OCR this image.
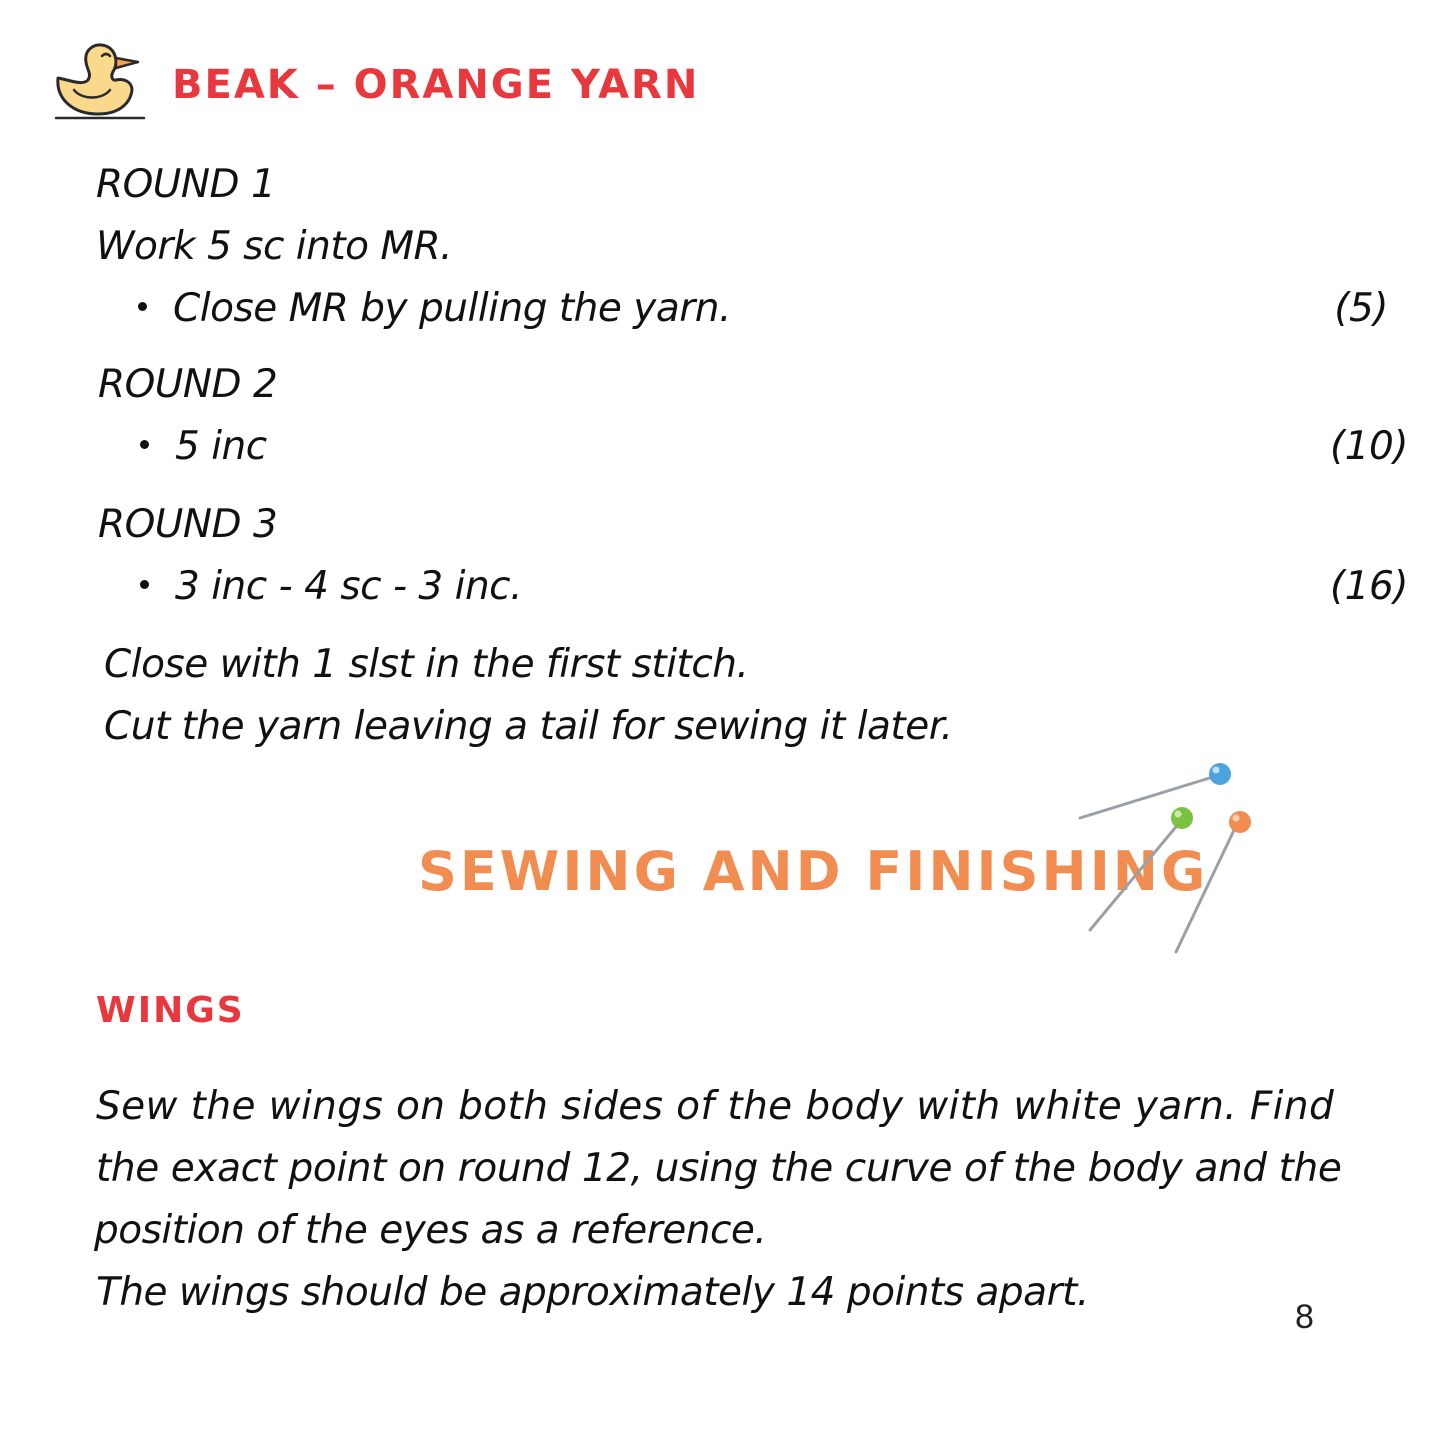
BEAK – ORANGE YARN
ROUND 1
Work 5 sc into MR.
Close MR by pulling the yarn.	(5)
ROUND 2
5 inc	(10)
ROUND 3
3 inc - 4 sc - 3 inc.	(16)
Close with 1 slst in the first stitch.
Cut the yarn leaving a tail for sewing it later.
SEWING AND FINISHING
WINGS
Sew the wings on both sides of the body with white yarn. Find
the exact point on round 12, using the curve of the body and the
position of the eyes as a reference.
The wings should be approximately 14 points apart.
8
